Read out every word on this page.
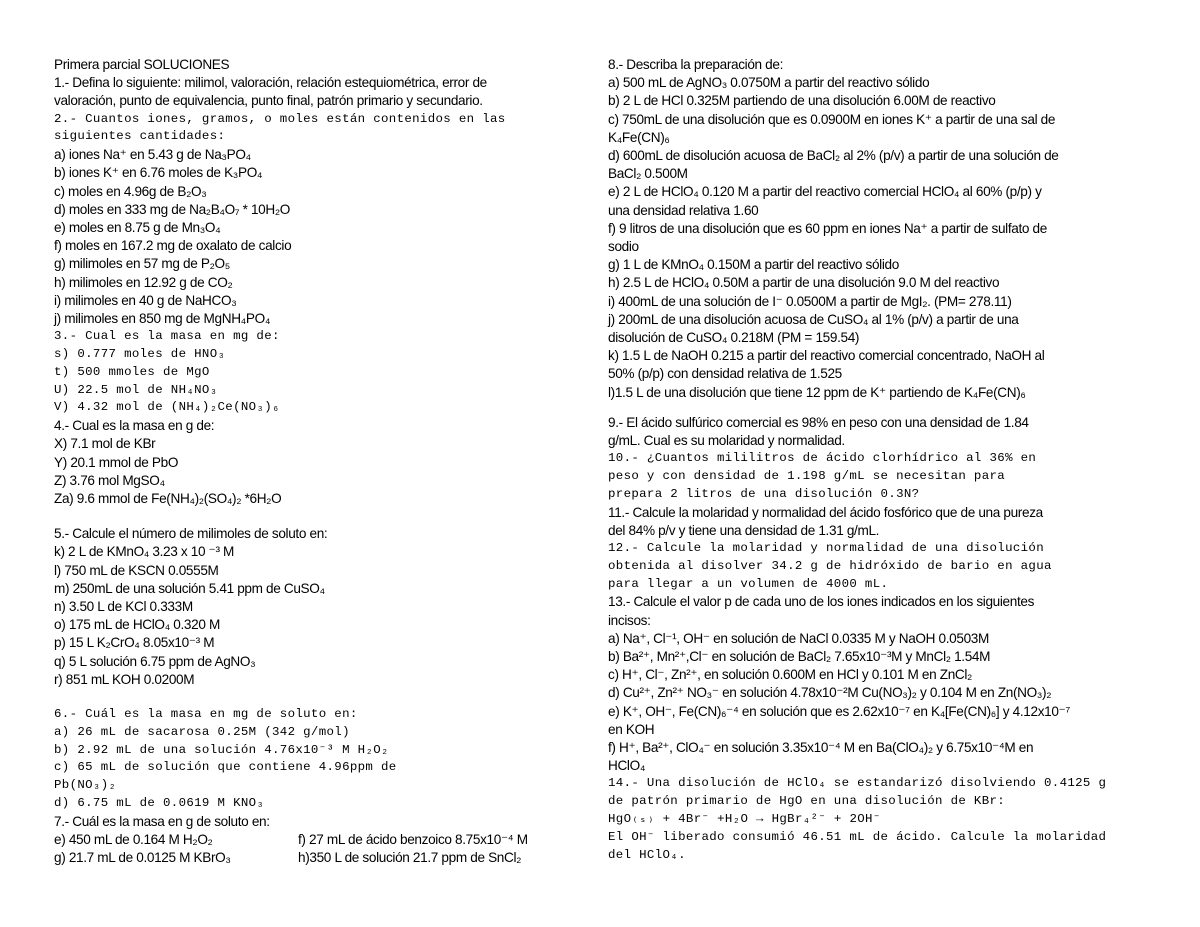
Primera parcial SOLUCIONES
1.- Defina lo siguiente: milimol, valoración, relación estequiométrica, error de
valoración, punto de equivalencia, punto final, patrón primario y secundario.
2.- Cuantos iones, gramos, o moles están contenidos en las
siguientes cantidades:
a) iones Na⁺ en 5.43 g de Na₃PO₄
b) iones K⁺ en 6.76 moles de K₃PO₄
c) moles en 4.96g de B₂O₃
d) moles en 333 mg de Na₂B₄O₇ * 10H₂O
e) moles en 8.75 g de Mn₃O₄
f) moles en 167.2 mg de oxalato de calcio
g) milimoles en 57 mg de P₂O₅
h) milimoles en 12.92 g de CO₂
i) milimoles en 40 g de NaHCO₃
j) milimoles en 850 mg de MgNH₄PO₄
3.- Cual es la masa en mg de:
s) 0.777 moles de HNO₃
t) 500 mmoles de MgO
U) 22.5 mol de NH₄NO₃
V) 4.32 mol de (NH₄)₂Ce(NO₃)₆
4.- Cual es la masa en g de:
X) 7.1 mol de KBr
Y) 20.1 mmol de PbO
Z) 3.76 mol MgSO₄
Za) 9.6 mmol de Fe(NH₄)₂(SO₄)₂ *6H₂O
5.- Calcule el número de milimoles de soluto en:
k) 2 L de KMnO₄ 3.23 x 10 ⁻³ M
l) 750 mL de KSCN 0.0555M
m) 250mL de una solución 5.41 ppm de CuSO₄
n) 3.50 L de KCl 0.333M
o) 175 mL de HClO₄ 0.320 M
p) 15 L K₂CrO₄ 8.05x10⁻³ M
q) 5 L solución 6.75 ppm de AgNO₃
r) 851 mL KOH 0.0200M
6.- Cuál es la masa en mg de soluto en:
a) 26 mL de sacarosa 0.25M (342 g/mol)
b) 2.92 mL de una solución 4.76x10⁻³ M H₂O₂
c) 65 mL de solución que contiene 4.96ppm de
Pb(NO₃)₂
d) 6.75 mL de 0.0619 M KNO₃
7.- Cuál es la masa en g de soluto en:
e) 450 mL de 0.164 M H₂O₂	f) 27 mL de ácido benzoico 8.75x10⁻⁴ M
g) 21.7 mL de 0.0125 M KBrO₃	h)350 L de solución 21.7 ppm de SnCl₂
8.- Describa la preparación de:
a) 500 mL de AgNO₃ 0.0750M a partir del reactivo sólido
b) 2 L de HCl 0.325M partiendo de una disolución 6.00M de reactivo
c) 750mL de una disolución que es 0.0900M en iones K⁺ a partir de una sal de
K₄Fe(CN)₆
d) 600mL de disolución acuosa de BaCl₂ al 2% (p/v) a partir de una solución de
BaCl₂ 0.500M
e) 2 L de HClO₄ 0.120 M a partir del reactivo comercial HClO₄ al 60% (p/p) y
una densidad relativa 1.60
f) 9 litros de una disolución que es 60 ppm en iones Na⁺ a partir de sulfato de
sodio
g) 1 L de KMnO₄ 0.150M a partir del reactivo sólido
h) 2.5 L de HClO₄ 0.50M a partir de una disolución 9.0 M del reactivo
i) 400mL de una solución de I⁻ 0.0500M a partir de MgI₂. (PM= 278.11)
j) 200mL de una disolución acuosa de CuSO₄ al 1% (p/v) a partir de una
disolución de CuSO₄ 0.218M (PM = 159.54)
k) 1.5 L de NaOH 0.215 a partir del reactivo comercial concentrado, NaOH al
50% (p/p) con densidad relativa de 1.525
l)1.5 L de una disolución que tiene 12 ppm de K⁺ partiendo de K₄Fe(CN)₆
9.- El ácido sulfúrico comercial es 98% en peso con una densidad de 1.84
g/mL. Cual es su molaridad y normalidad.
10.- ¿Cuantos mililitros de ácido clorhídrico al 36% en
peso y con densidad de 1.198 g/mL se necesitan para
prepara 2 litros de una disolución 0.3N?
11.- Calcule la molaridad y normalidad del ácido fosfórico que de una pureza
del 84% p/v y tiene una densidad de 1.31 g/mL.
12.- Calcule la molaridad y normalidad de una disolución
obtenida al disolver 34.2 g de hidróxido de bario en agua
para llegar a un volumen de 4000 mL.
13.- Calcule el valor p de cada uno de los iones indicados en los siguientes
incisos:
a) Na⁺, Cl⁻¹, OH⁻ en solución de NaCl 0.0335 M y NaOH 0.0503M
b) Ba²⁺, Mn²⁺,Cl⁻ en solución de BaCl₂ 7.65x10⁻³M y MnCl₂ 1.54M
c) H⁺, Cl⁻, Zn²⁺, en solución 0.600M en HCl y 0.101 M en ZnCl₂
d) Cu²⁺, Zn²⁺ NO₃⁻ en solución 4.78x10⁻²M Cu(NO₃)₂ y 0.104 M en Zn(NO₃)₂
e) K⁺, OH⁻, Fe(CN)₆⁻⁴ en solución que es 2.62x10⁻⁷ en K₄[Fe(CN)₆] y 4.12x10⁻⁷
en KOH
f) H⁺, Ba²⁺, ClO₄⁻ en solución 3.35x10⁻⁴ M en Ba(ClO₄)₂ y 6.75x10⁻⁴M en
HClO₄
14.- Una disolución de HClO₄ se estandarizó disolviendo 0.4125 g
de patrón primario de HgO en una disolución de KBr:
HgO₍ₛ₎ + 4Br⁻ +H₂O → HgBr₄²⁻ + 2OH⁻
El OH⁻ liberado consumió 46.51 mL de ácido. Calcule la molaridad
del HClO₄.
